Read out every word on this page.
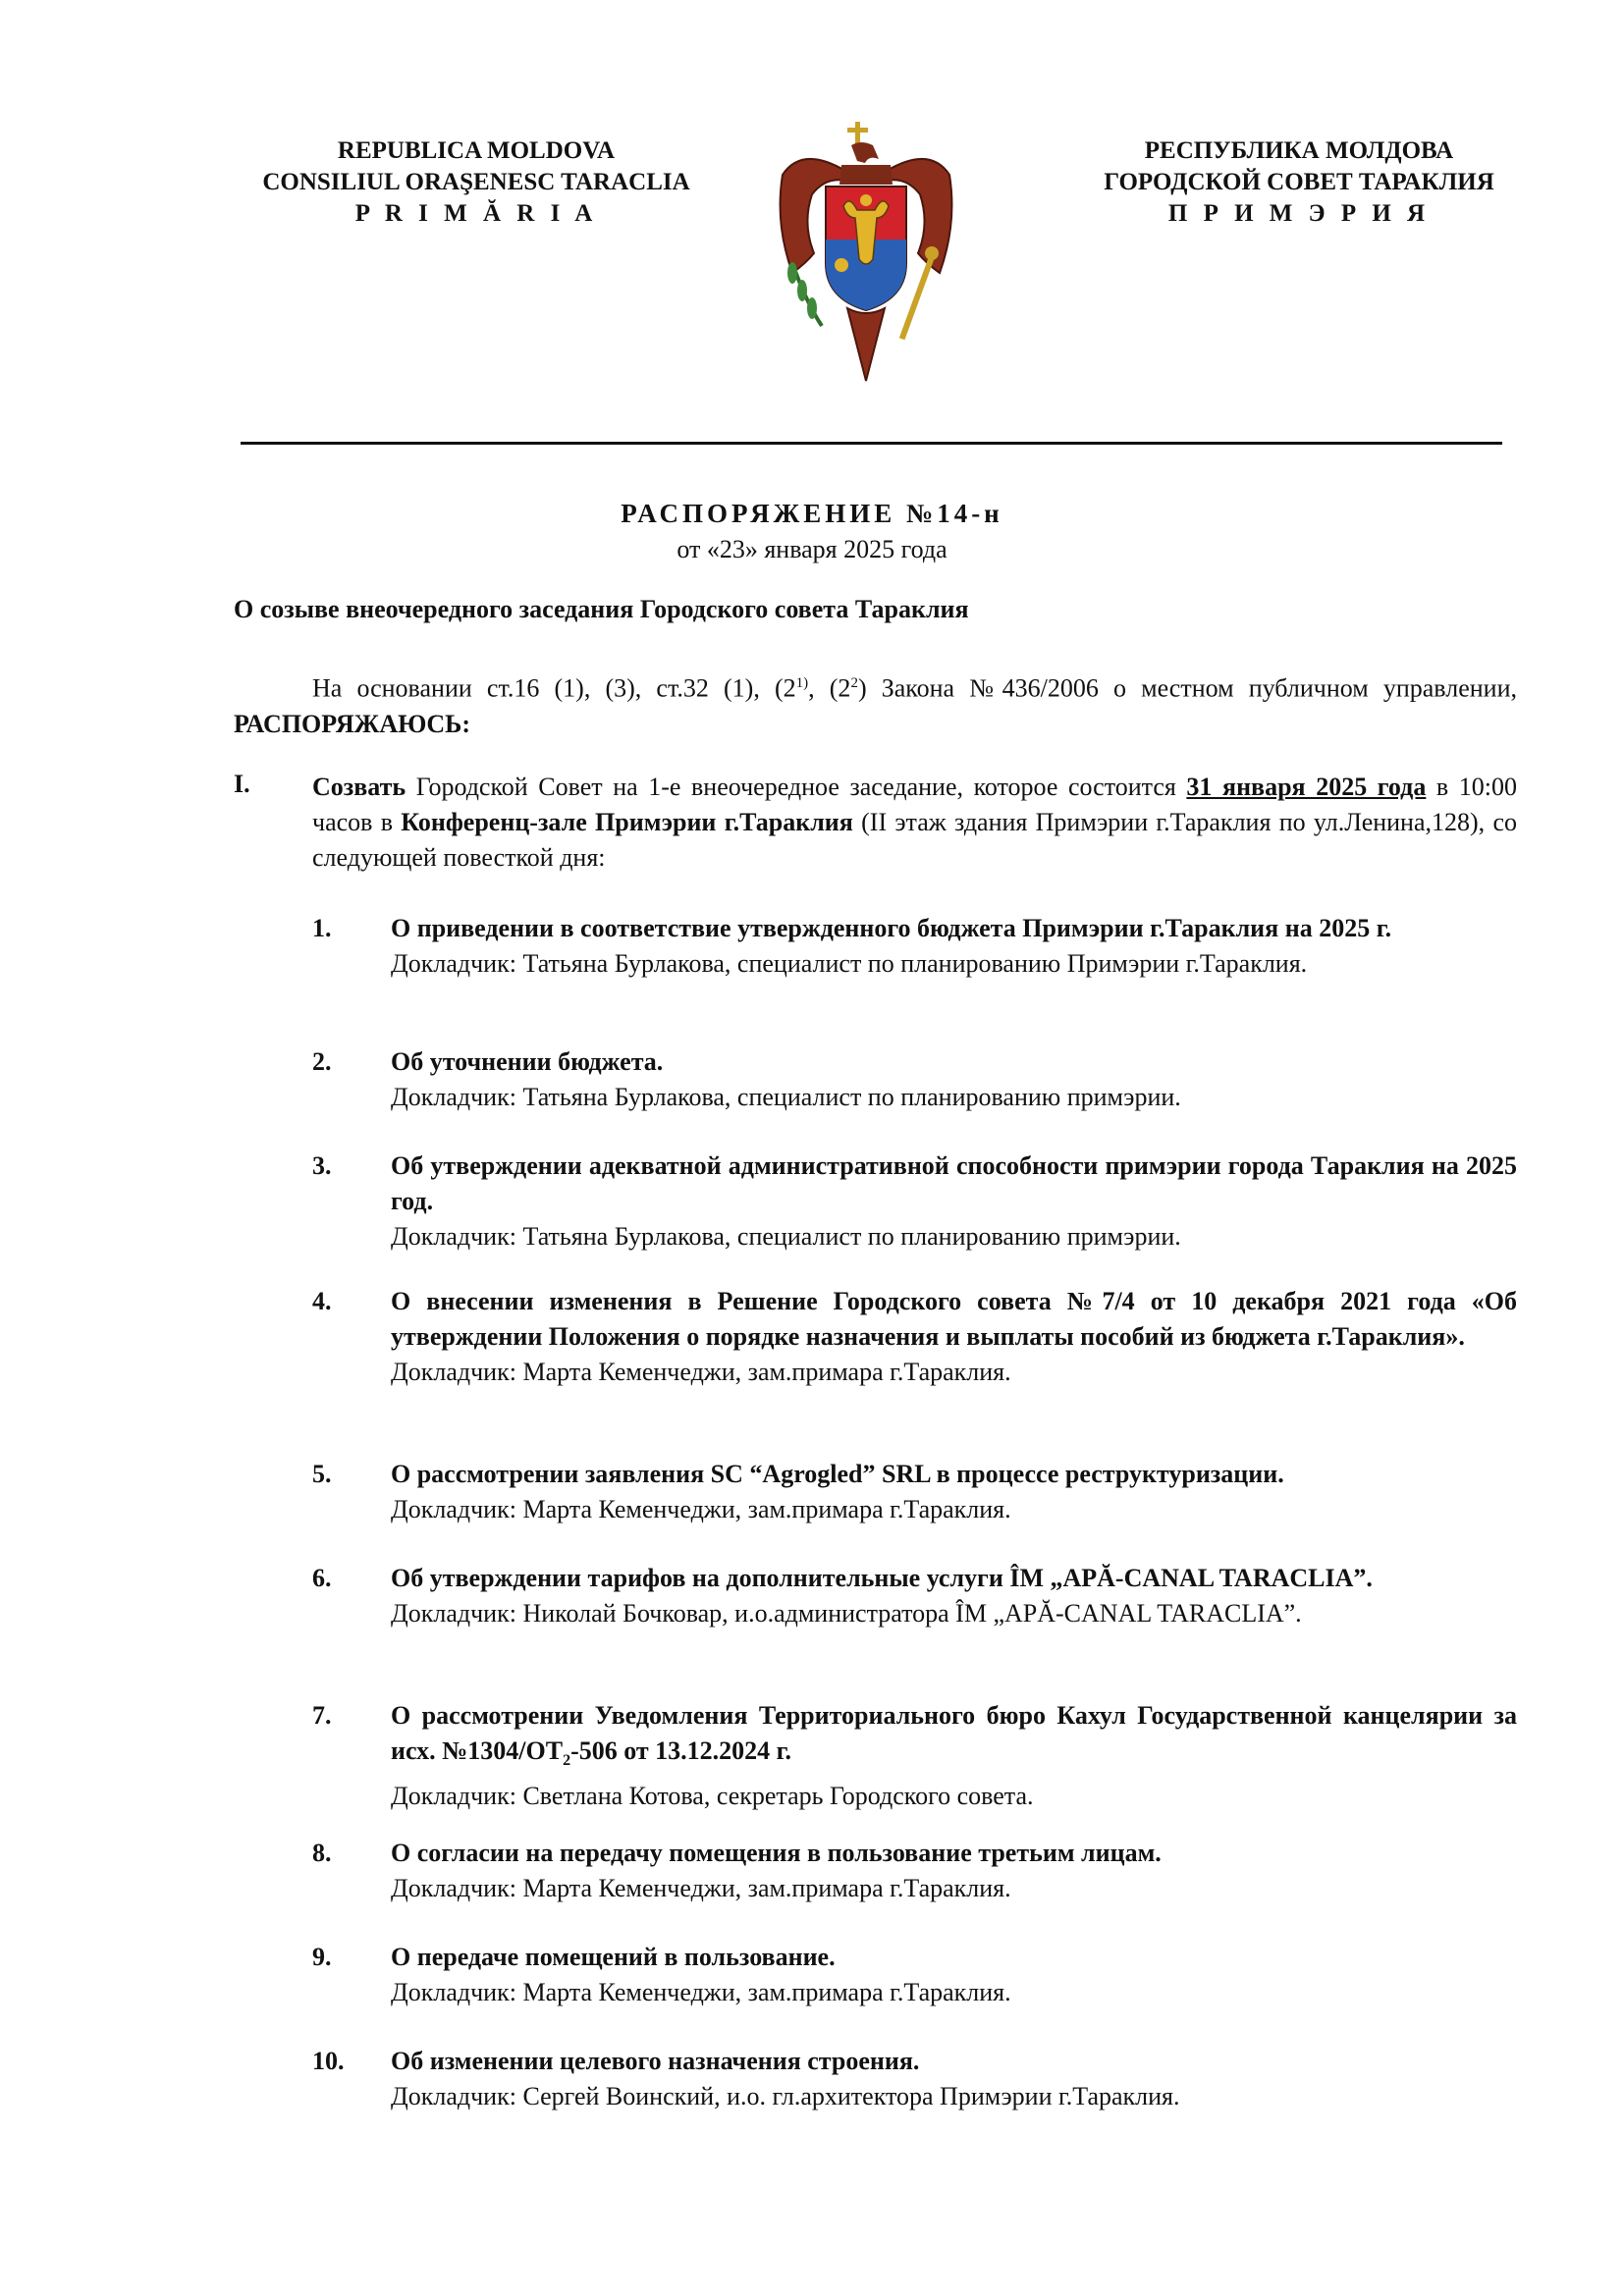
REPUBLICA MOLDOVA
CONSILIUL ORAŞENESC TARACLIA
P R I M Ă R I A
РЕСПУБЛИКА МОЛДОВА
ГОРОДСКОЙ СОВЕТ ТАРАКЛИЯ
П Р И М Э Р И Я
РАСПОРЯЖЕНИЕ №14-н
от «23» января 2025 года
О созыве внеочередного заседания Городского совета Тараклия
На основании ст.16 (1), (3), ст.32 (1), (2$^{1)}$, $(2^2)$ Закона №436/2006 о местном публичном управлении, РАСПОРЯЖАЮСЬ:
I. Созвать Городской Совет на 1-е внеочередное заседание, которое состоится 31 января 2025 года в 10:00 часов в Конференц-зале Примэрии г.Тараклия (II этаж здания Примэрии г.Тараклия по ул.Ленина,128), со следующей повесткой дня:
1. О приведении в соответствие утвержденного бюджета Примэрии г.Тараклия на 2025 г.
Докладчик: Татьяна Бурлакова, специалист по планированию Примэрии г.Тараклия.
2. Об уточнении бюджета.
Докладчик: Татьяна Бурлакова, специалист по планированию примэрии.
3. Об утверждении адекватной административной способности примэрии города Тараклия на 2025 год.
Докладчик: Татьяна Бурлакова, специалист по планированию примэрии.
4. О внесении изменения в Решение Городского совета №7/4 от 10 декабря 2021 года «Об утверждении Положения о порядке назначения и выплаты пособий из бюджета г.Тараклия».
Докладчик: Марта Кеменчеджи, зам.примара г.Тараклия.
5. О рассмотрении заявления SC “Agrogled” SRL в процессе реструктуризации.
Докладчик: Марта Кеменчеджи, зам.примара г.Тараклия.
6. Об утверждении тарифов на дополнительные услуги ÎM „APĂ-CANAL TARACLIA”.
Докладчик: Николай Бочковар, и.о.администратора ÎM „APĂ-CANAL TARACLIA”.
7. О рассмотрении Уведомления Территориального бюро Кахул Государственной канцелярии за исх. $№1304/OT_2-506$ от 13.12.2024 г.
Докладчик: Светлана Котова, секретарь Городского совета.
8. О согласии на передачу помещения в пользование третьим лицам.
Докладчик: Марта Кеменчеджи, зам.примара г.Тараклия.
9. О передаче помещений в пользование.
Докладчик: Марта Кеменчеджи, зам.примара г.Тараклия.
10. Об изменении целевого назначения строения.
Докладчик: Сергей Воинский, и.о. гл.архитектора Примэрии г.Тараклия.
